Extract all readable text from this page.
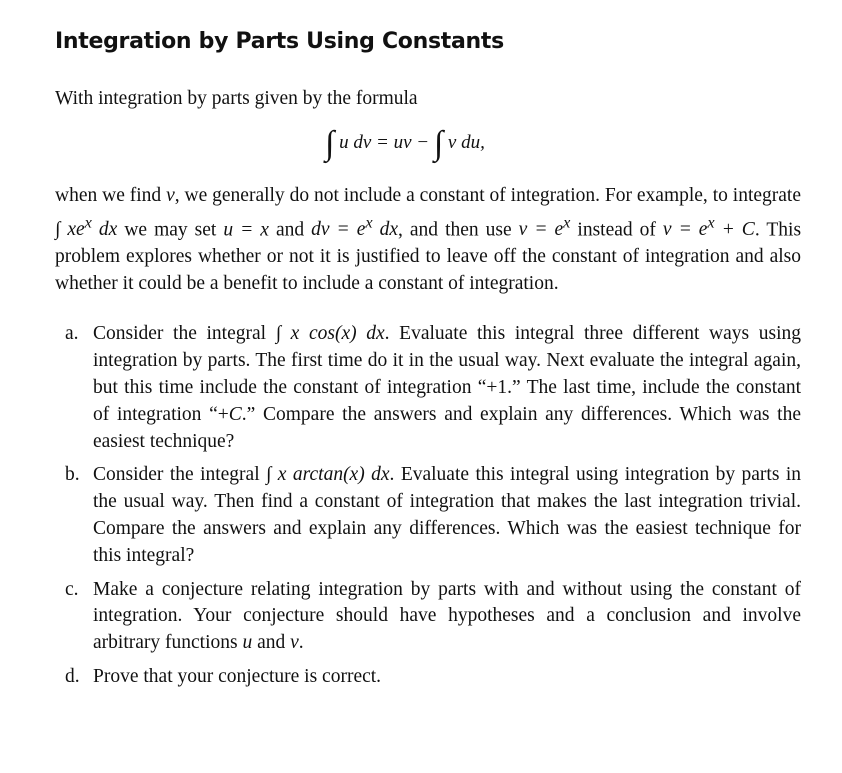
Integration by Parts Using Constants

With integration by parts given by the formula

∫ u dv = uv − ∫ v du,

when we find v, we generally do not include a constant of integration. For example, to integrate ∫ $xe^x$ dx we may set u = x and dv = $e^x$ dx, and then use $v = e^x$ instead of $v = e^x + C$. This problem explores whether or not it is justified to leave off the constant of integration and also whether it could be a benefit to include a constant of integration.

a. Consider the integral ∫ x cos(x) dx. Evaluate this integral three different ways using integration by parts. The first time do it in the usual way. Next evaluate the integral again, but this time include the constant of integration “+1.” The last time, include the constant of integration “+C.” Compare the answers and explain any differences. Which was the easiest technique?
b. Consider the integral ∫ x arctan(x) dx. Evaluate this integral using integration by parts in the usual way. Then find a constant of integration that makes the last integration trivial. Compare the answers and explain any differences. Which was the easiest technique for this integral?
c. Make a conjecture relating integration by parts with and without using the constant of integration. Your conjecture should have hypotheses and a conclusion and involve arbitrary functions u and v.
d. Prove that your conjecture is correct.
